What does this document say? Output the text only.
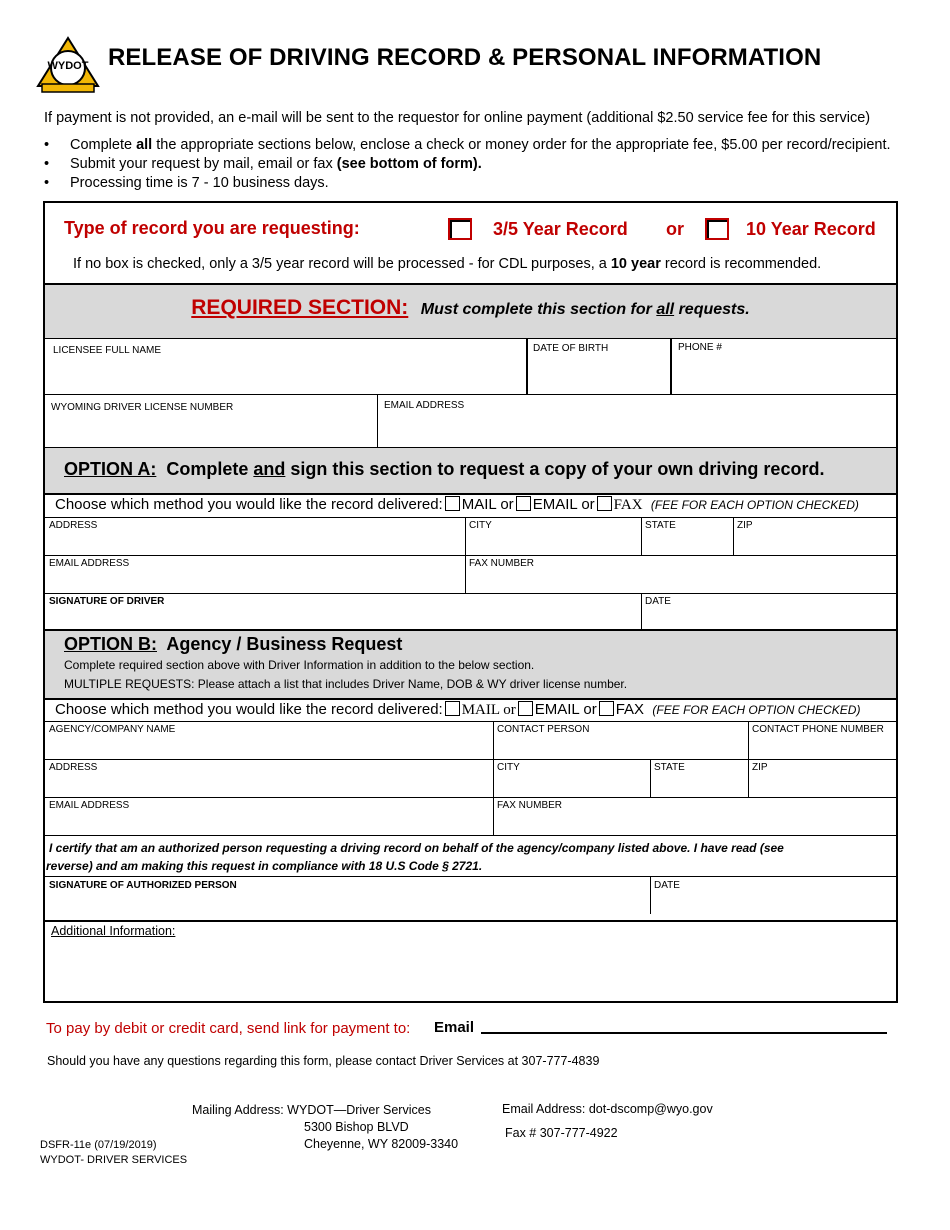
WYDOT RELEASE OF DRIVING RECORD & PERSONAL INFORMATION
If payment is not provided, an e-mail will be sent to the requestor for online payment (additional $2.50 service fee for this service)
• Complete all the appropriate sections below, enclose a check or money order for the appropriate fee, $5.00 per record/recipient.
• Submit your request by mail, email or fax (see bottom of form).
• Processing time is 7 - 10 business days.
Type of record you are requesting:	3/5 Year Record or	10 Year Record
If no box is checked, only a 3/5 year record will be processed - for CDL purposes, a 10 year record is recommended.
REQUIRED SECTION: Must complete this section for all requests.
LICENSEE FULL NAME	DATE OF BIRTH	PHONE #
WYOMING DRIVER LICENSE NUMBER	EMAIL ADDRESS
OPTION A:  Complete and sign this section to request a copy of your own driving record.
Choose which method you would like the record delivered: MAIL or EMAIL or FAX (FEE FOR EACH OPTION CHECKED)
ADDRESS	CITY	STATE	ZIP
EMAIL ADDRESS	FAX NUMBER
SIGNATURE OF DRIVER	DATE
OPTION B:  Agency / Business Request
Complete required section above with Driver Information in addition to the below section.
MULTIPLE REQUESTS: Please attach a list that includes Driver Name, DOB & WY driver license number.
Choose which method you would like the record delivered: MAIL or EMAIL or FAX (FEE FOR EACH OPTION CHECKED)
AGENCY/COMPANY NAME	CONTACT PERSON	CONTACT PHONE NUMBER
ADDRESS	CITY	STATE	ZIP
EMAIL ADDRESS	FAX NUMBER
I certify that am an authorized person requesting a driving record on behalf of the agency/company listed above. I have read (see
reverse) and am making this request in compliance with 18 U.S Code § 2721.
SIGNATURE OF AUTHORIZED PERSON	DATE
Additional Information:
To pay by debit or credit card, send link for payment to: Email
Should you have any questions regarding this form, please contact Driver Services at 307-777-4839
Mailing Address: WYDOT—Driver Services
5300 Bishop BLVD
Cheyenne, WY 82009-3340
Email Address: dot-dscomp@wyo.gov
Fax # 307-777-4922
DSFR-11e (07/19/2019)
WYDOT- DRIVER SERVICES
